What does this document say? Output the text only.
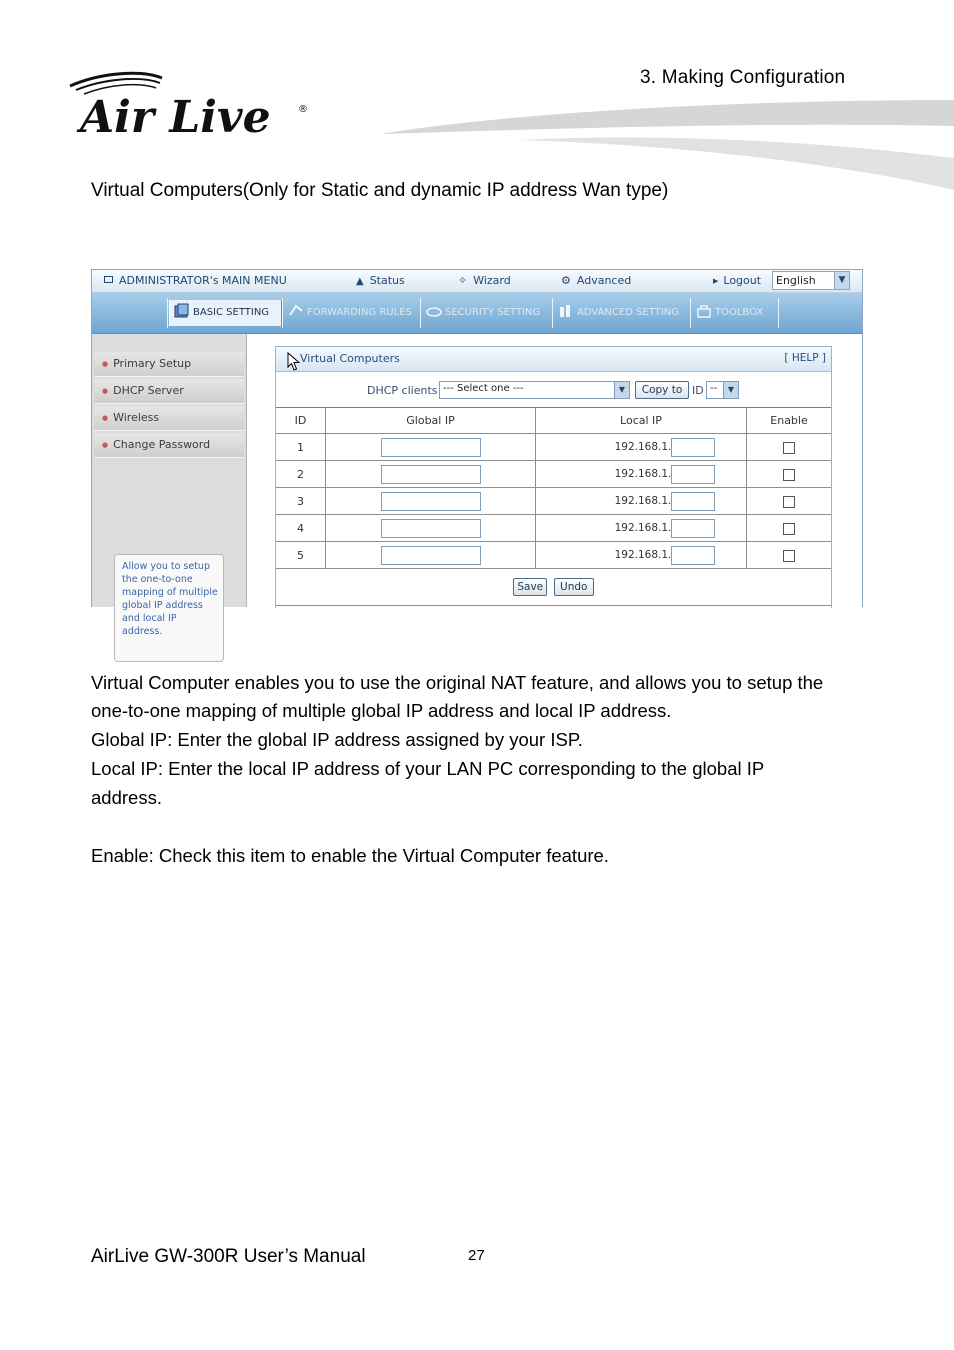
Air Live	®
3. Making Configuration
Virtual Computers(Only for Static and dynamic IP address Wan type)
ADMINISTRATOR's MAIN MENU	▲ Status	✧ Wizard	⚙ Advanced	▶ Logout English	▼
BASIC SETTING	FORWARDING RULES	SECURITY SETTING	ADVANCED SETTING	TOOLBOX
● Primary Setup
● DHCP Server
● Wireless
● Change Password
Allow you to setup the one-to-one mapping of multiple global IP address and local IP address.
Virtual Computers	[ HELP ]
DHCP clients --- Select one ---	▼	Copy to ID --	▼
ID	Global IP	Local IP	Enable
1		192.168.1.	
2		192.168.1.	
3		192.168.1.	
4		192.168.1.	
5		192.168.1.	
Save Undo			
Virtual Computer enables you to use the original NAT feature, and allows you to setup the
one-to-one mapping of multiple global IP address and local IP address.
Global IP: Enter the global IP address assigned by your ISP.
Local IP: Enter the local IP address of your LAN PC corresponding to the global IP
address.
Enable: Check this item to enable the Virtual Computer feature.
AirLive GW-300R User’s Manual	27
